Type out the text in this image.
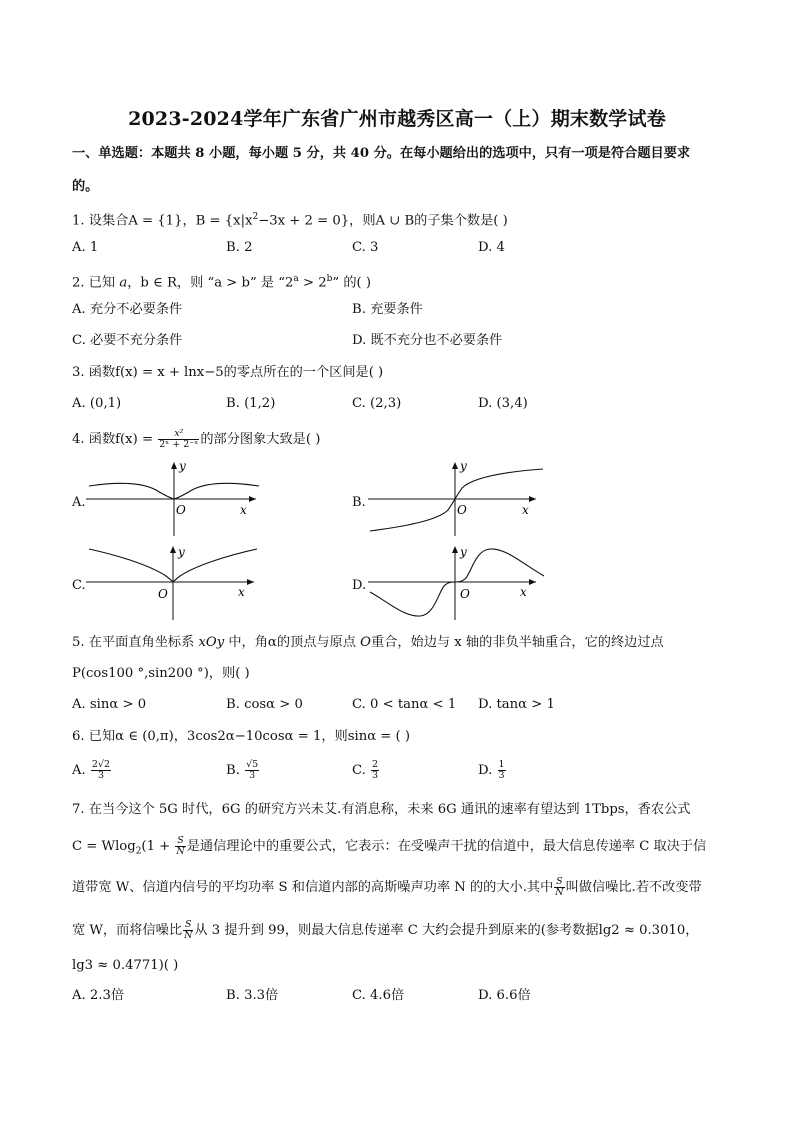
2023-2024学年广东省广州市越秀区高一（上）期末数学试卷
一、单选题：本题共 8 小题，每小题 5 分，共 40 分。在每小题给出的选项中，只有一项是符合题目要求
的。
1. 设集合A = {1}，$B = \{x|x^2-3x + 2 = 0\}$，则A ∪ B的子集个数是( )
A. 1	B. 2	C. 3	D. 4
2. 已知 a，b ∈ R，则 “a > b” 是 “$2^a > 2^b$” 的( )
A. 充分不必要条件	B. 充要条件
C. 必要不充分条件	D. 既不充分也不必要条件
3. 函数f(x) = x + lnx−5的零点所在的一个区间是( )
A. (0,1)	B. (1,2)	C. (2,3)	D. (3,4)
4. 函数$f(x) = \frac{\text{x²}}{\text{2ˣ + 2⁻ˣ}}$ 的部分图象大致是( )
A.
y
x
O	B.
y
x
O
C.
y
x
O
D.
y
x
O
5. 在平面直角坐标系 xOy 中，角α的顶点与原点 O重合，始边与 x 轴的非负半轴重合，它的终边过点
P(cos100 °,sin200 °)，则( )
A. sinα > 0	B. cosα > 0	C. 0 < tanα < 1 D. tanα > 1
6. 已知α ∈ (0,π)，3cos2α−10cosα = 1，则sinα = ( )
A. $\frac{2√2}{3}$	B. $\frac{√5}{3}$	C. $\frac{2}{3}$	D. $\frac{1}{3}$
7. 在当今这个 5G 时代，6G 的研究方兴未艾.有消息称，未来 6G 通讯的速率有望达到 1Tbps，香农公式
$C = Wlog_2(1 + \frac{S}{N}$ 是通信理论中的重要公式，它表示：在受噪声干扰的信道中，最大信息传递率 C 取决于信
道带宽 W、信道内信号的平均功率 S 和信道内部的高斯噪声功率 N 的的大小.其中 $\frac{S}{N}$ 叫做信噪比.若不改变带
宽 W，而将信噪比 $\frac{S}{N}$ 从 3 提升到 99，则最大信息传递率 C 大约会提升到原来的(参考数据lg2 ≈ 0.3010，
lg3 ≈ 0.4771)( )
A. 2.3倍	B. 3.3倍	C. 4.6倍	D. 6.6倍
